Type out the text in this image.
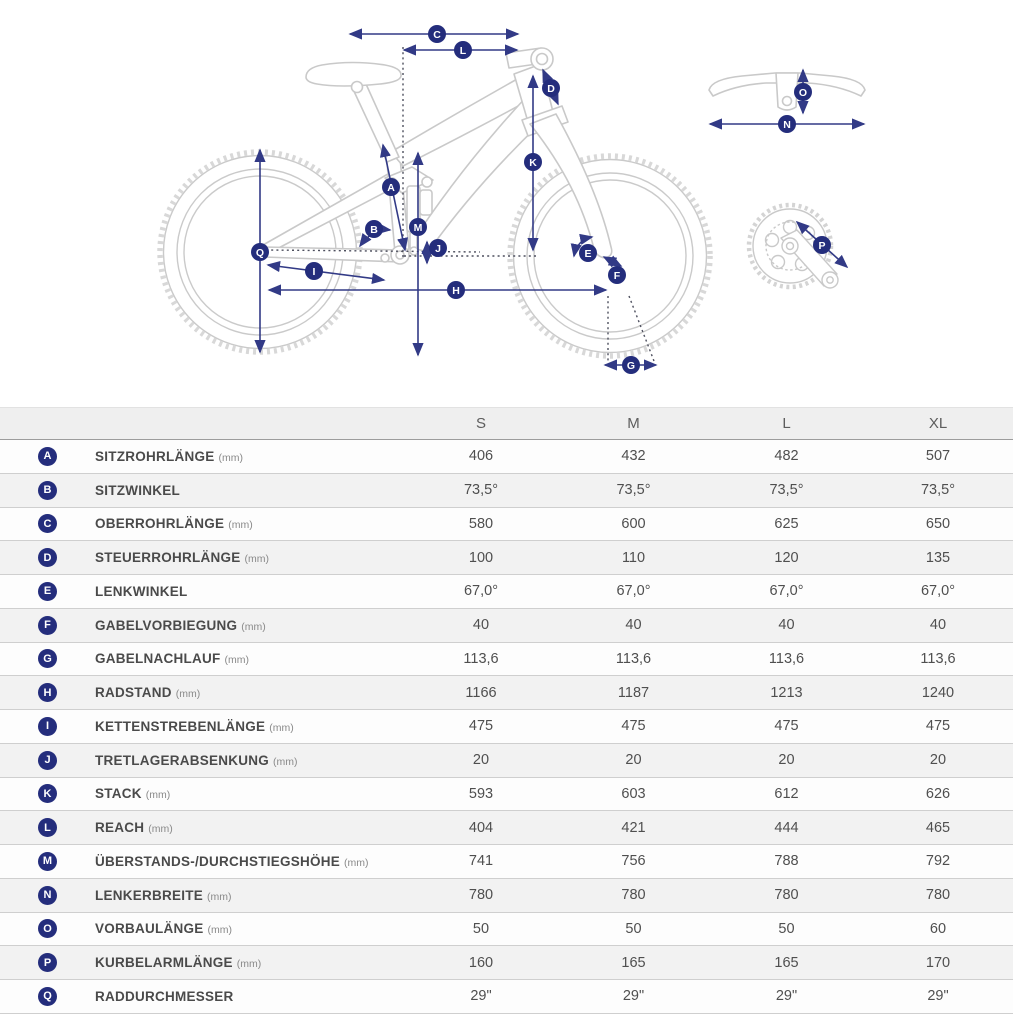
A
B
C
D
E
F
G
H
I
J
K
L
M
N
O
P
Q
S	M	L	XL
A	SITZROHRLÄNGE (mm)	406	432	482	507
B	SITZWINKEL	73,5°	73,5°	73,5°	73,5°
C	OBERROHRLÄNGE (mm)	580	600	625	650
D	STEUERROHRLÄNGE (mm)	100	110	120	135
E	LENKWINKEL	67,0°	67,0°	67,0°	67,0°
F	GABELVORBIEGUNG (mm)	40	40	40	40
G	GABELNACHLAUF (mm)	113,6	113,6	113,6	113,6
H	RADSTAND (mm)	1166	1187	1213	1240
I	KETTENSTREBENLÄNGE (mm)	475	475	475	475
J	TRETLAGERABSENKUNG (mm)	20	20	20	20
K	STACK (mm)	593	603	612	626
L	REACH (mm)	404	421	444	465
M	ÜBERSTANDS-/DURCHSTIEGSHÖHE (mm)	741	756	788	792
N	LENKERBREITE (mm)	780	780	780	780
O	VORBAULÄNGE (mm)	50	50	50	60
P	KURBELARMLÄNGE (mm)	160	165	165	170
Q	RADDURCHMESSER	29"	29"	29"	29"
